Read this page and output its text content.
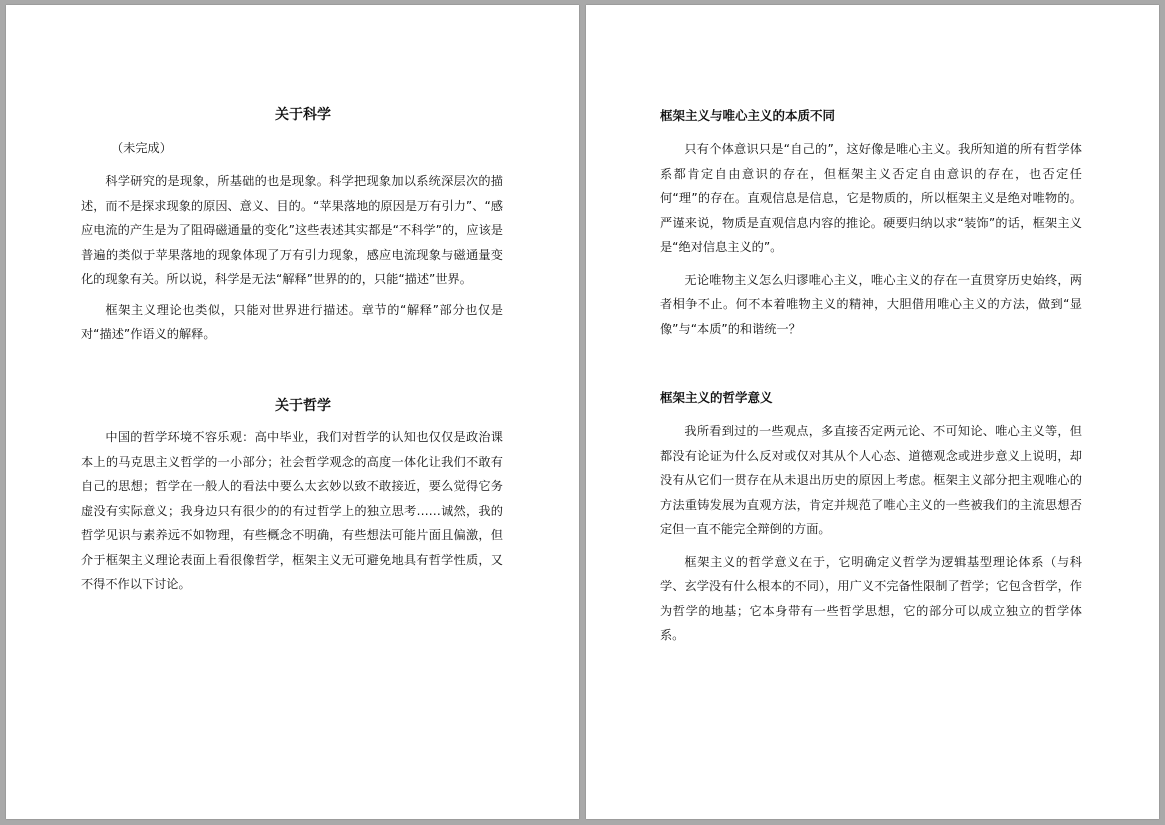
关于科学

（未完成）

科学研究的是现象，所基础的也是现象。科学把现象加以系统深层次的描述，而不是探求现象的原因、意义、目的。“苹果落地的原因是万有引力”、“感应电流的产生是为了阻碍磁通量的变化”这些表述其实都是“不科学”的，应该是普遍的类似于苹果落地的现象体现了万有引力现象，感应电流现象与磁通量变化的现象有关。所以说，科学是无法“解释”世界的的，只能“描述”世界。

框架主义理论也类似，只能对世界进行描述。章节的“解释”部分也仅是对“描述”作语义的解释。

关于哲学

中国的哲学环境不容乐观：高中毕业，我们对哲学的认知也仅仅是政治课本上的马克思主义哲学的一小部分；社会哲学观念的高度一体化让我们不敢有自己的思想；哲学在一般人的看法中要么太玄妙以致不敢接近，要么觉得它务虚没有实际意义；我身边只有很少的的有过哲学上的独立思考……诚然，我的哲学见识与素养远不如物理，有些概念不明确，有些想法可能片面且偏激，但介于框架主义理论表面上看很像哲学，框架主义无可避免地具有哲学性质，又不得不作以下讨论。

框架主义与唯心主义的本质不同

只有个体意识只是“自己的”，这好像是唯心主义。我所知道的所有哲学体系都肯定自由意识的存在，但框架主义否定自由意识的存在，也否定任何“理”的存在。直观信息是信息，它是物质的，所以框架主义是绝对唯物的。严谨来说，物质是直观信息内容的推论。硬要归纳以求“装饰”的话，框架主义是“绝对信息主义的”。

无论唯物主义怎么归谬唯心主义，唯心主义的存在一直贯穿历史始终，两者相争不止。何不本着唯物主义的精神，大胆借用唯心主义的方法，做到“显像”与“本质”的和谐统一？

框架主义的哲学意义

我所看到过的一些观点，多直接否定两元论、不可知论、唯心主义等，但都没有论证为什么反对或仅对其从个人心态、道德观念或进步意义上说明，却没有从它们一贯存在从未退出历史的原因上考虑。框架主义部分把主观唯心的方法重铸发展为直观方法，肯定并规范了唯心主义的一些被我们的主流思想否定但一直不能完全辩倒的方面。

框架主义的哲学意义在于，它明确定义哲学为逻辑基型理论体系（与科学、玄学没有什么根本的不同），用广义不完备性限制了哲学；它包含哲学，作为哲学的地基；它本身带有一些哲学思想，它的部分可以成立独立的哲学体系。
